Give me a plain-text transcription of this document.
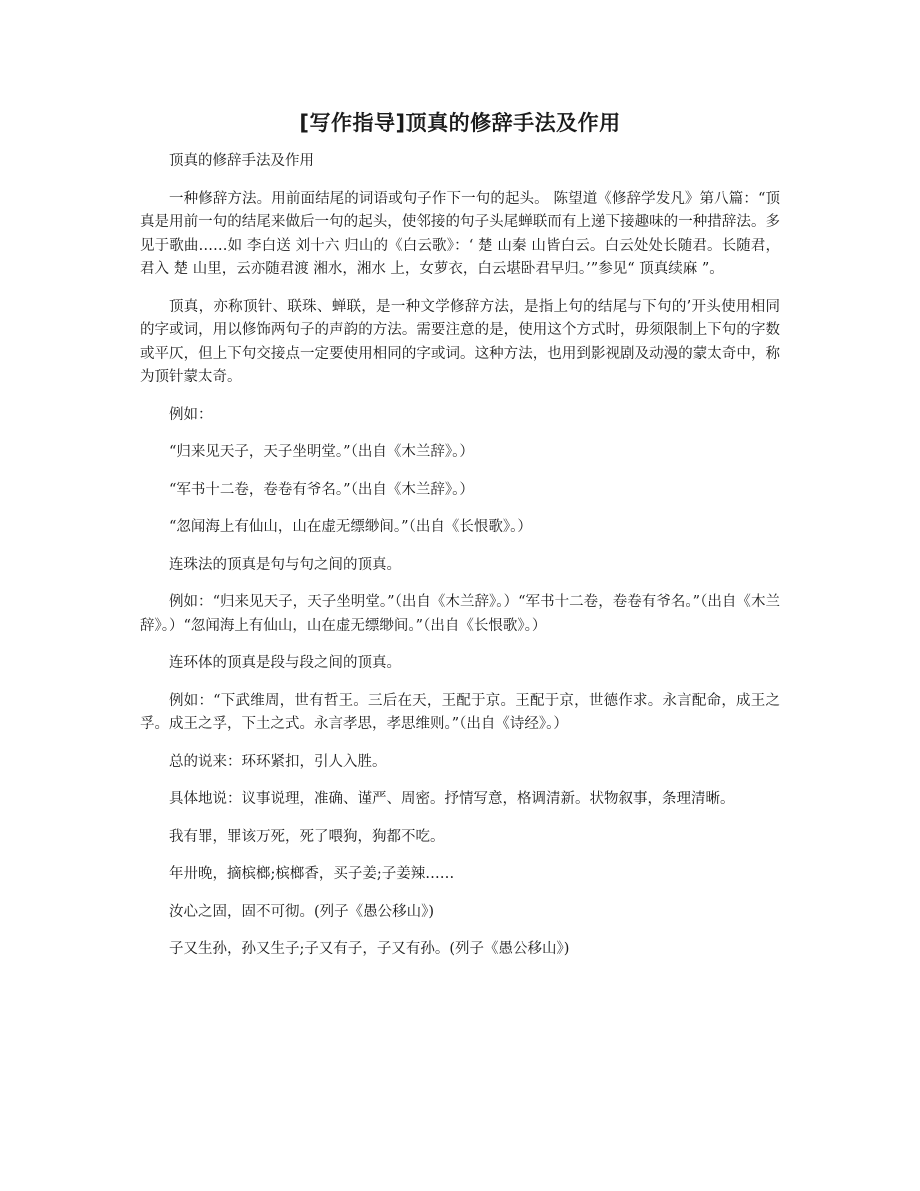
[写作指导]顶真的修辞手法及作用

顶真的修辞手法及作用

一种修辞方法。用前面结尾的词语或句子作下一句的起头。 陈望道《修辞学发凡》第八篇：“顶真是用前一句的结尾来做后一句的起头，使邻接的句子头尾蝉联而有上递下接趣味的一种措辞法。多见于歌曲……如 李白送 刘十六 归山的《白云歌》：‘ 楚 山秦 山皆白云。白云处处长随君。长随君，君入 楚 山里，云亦随君渡 湘水，湘水 上，女萝衣，白云堪卧君早归。’”参见“ 顶真续麻 ”。

顶真，亦称顶针、联珠、蝉联，是一种文学修辞方法，是指上句的结尾与下句的’开头使用相同的字或词，用以修饰两句子的声韵的方法。需要注意的是，使用这个方式时，毋须限制上下句的字数或平仄，但上下句交接点一定要使用相同的字或词。这种方法，也用到影视剧及动漫的蒙太奇中，称为顶针蒙太奇。

例如：

“归来见天子，天子坐明堂。”（出自《木兰辞》。）

“军书十二卷，卷卷有爷名。”（出自《木兰辞》。）

“忽闻海上有仙山，山在虚无缥缈间。”（出自《长恨歌》。）

连珠法的顶真是句与句之间的顶真。

例如：“归来见天子，天子坐明堂。”（出自《木兰辞》。）“军书十二卷，卷卷有爷名。”（出自《木兰辞》。）“忽闻海上有仙山，山在虚无缥缈间。”（出自《长恨歌》。）

连环体的顶真是段与段之间的顶真。

例如：“下武维周，世有哲王。三后在天，王配于京。王配于京，世德作求。永言配命，成王之孚。成王之孚，下土之式。永言孝思，孝思维则。”（出自《诗经》。）

总的说来：环环紧扣，引人入胜。

具体地说：议事说理，准确、谨严、周密。抒情写意，格调清新。状物叙事，条理清晰。

我有罪，罪该万死，死了喂狗，狗都不吃。

年卅晚，摘槟榔;槟榔香，买子姜;子姜辣……

汝心之固，固不可彻。(列子《愚公移山》)

子又生孙，孙又生子;子又有子，子又有孙。(列子《愚公移山》)
